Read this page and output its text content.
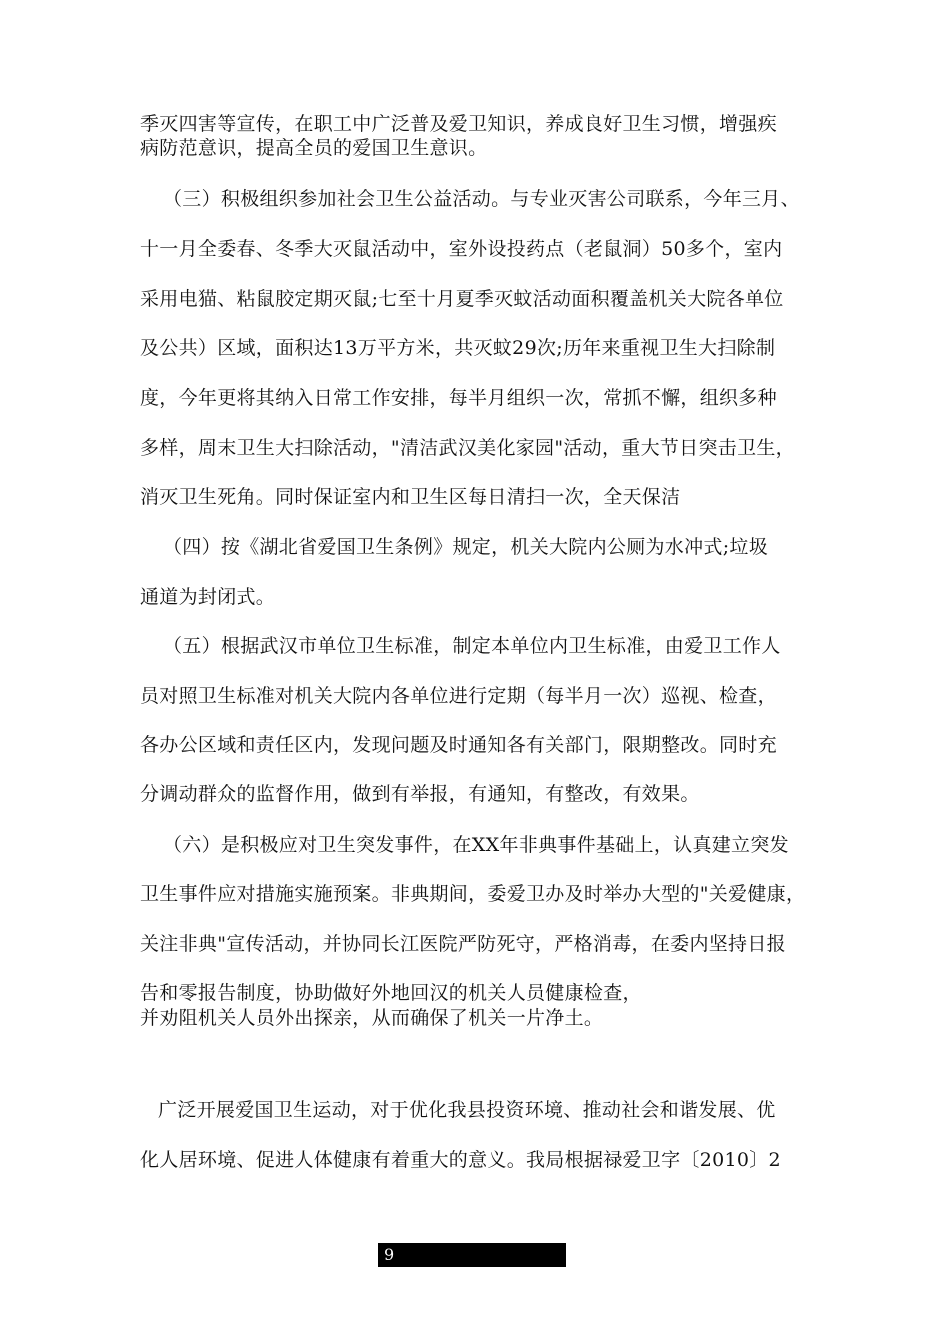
季灭四害等宣传，在职工中广泛普及爱卫知识，养成良好卫生习惯，增强疾
病防范意识，提高全员的爱国卫生意识。
（三）积极组织参加社会卫生公益活动。与专业灭害公司联系，今年三月、
十一月全委春、冬季大灭鼠活动中，室外设投药点（老鼠洞）50多个，室内
采用电猫、粘鼠胶定期灭鼠;七至十月夏季灭蚊活动面积覆盖机关大院各单位
及公共）区域，面积达13万平方米，共灭蚊29次;历年来重视卫生大扫除制
度，今年更将其纳入日常工作安排，每半月组织一次，常抓不懈，组织多种
多样，周末卫生大扫除活动，"清洁武汉美化家园"活动，重大节日突击卫生，
消灭卫生死角。同时保证室内和卫生区每日清扫一次，全天保洁
（四）按《湖北省爱国卫生条例》规定，机关大院内公厕为水冲式;垃圾
通道为封闭式。
（五）根据武汉市单位卫生标准，制定本单位内卫生标准，由爱卫工作人
员对照卫生标准对机关大院内各单位进行定期（每半月一次）巡视、检查，
各办公区域和责任区内，发现问题及时通知各有关部门，限期整改。同时充
分调动群众的监督作用，做到有举报，有通知，有整改，有效果。
（六）是积极应对卫生突发事件，在XX年非典事件基础上，认真建立突发
卫生事件应对措施实施预案。非典期间，委爱卫办及时举办大型的"关爱健康，
关注非典"宣传活动，并协同长江医院严防死守，严格消毒，在委内坚持日报
告和零报告制度，协助做好外地回汉的机关人员健康检查，
并劝阻机关人员外出探亲，从而确保了机关一片净土。
广泛开展爱国卫生运动，对于优化我县投资环境、推动社会和谐发展、优
化人居环境、促进人体健康有着重大的意义。我局根据禄爱卫字〔2010〕2
9
